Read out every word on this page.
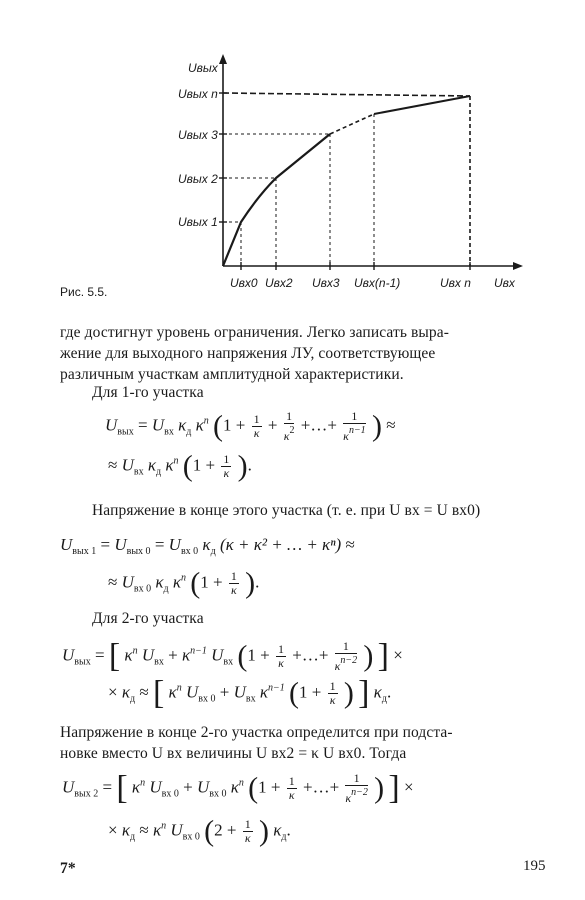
Uвых
Uвых n
Uвых 3
Uвых 2
Uвых 1
Uвх0 Uвх2 Uвх3 Uвх(n-1)	Uвх n Uвх
Рис. 5.5.
где достигнут уровень ограничения. Легко записать выра-
жение для выходного напряжения ЛУ, соответствующее
различным участкам амплитудной характеристики.
Для 1-го участка
$U_{вых} = U_{вх}$ $\kappa_д$ $\kappa^n$ ($1 + \frac{1}{\kappa} + \frac{1}{\kappa^2}$ +…+ $\frac{1}{\kappa^{n-1}}$ ) ≈
≈ $U_{вх}$ $\kappa_д$ $\kappa^n$ ($1 + \frac{1}{\kappa}$ ).
Напряжение в конце этого участка (т. е. при U вх = U вх0)
$U_{вых 1} = U_{вых 0} = U_{вх 0}$ $\kappa_д$ (κ + κ² + … + κⁿ) ≈
≈ $U_{вх 0}$ $\kappa_д$ $\kappa^n$ ($1 + \frac{1}{\kappa}$ ).
Для 2-го участка
$U_{вых}$ = [ $\kappa^n$ $U_{вх} + \kappa^{n-1}$ $U_{вх}$ ($1 + \frac{1}{\kappa}$ +…+ $\frac{1}{\kappa^{n-2}}$ ) ] ×
× $\kappa_д$ ≈ [ $\kappa^n$ $U_{вх 0} + U_{вх}$ $\kappa^{n-1}$ ($1 + \frac{1}{\kappa}$ ) ] $\kappa_д$.
Напряжение в конце 2-го участка определится при подста-
новке вместо U вх величины U вх2 = κ U вх0. Тогда
$U_{вых 2}$ = [ $\kappa^n$ $U_{вх 0} + U_{вх 0}$ $\kappa^n$ ($1 + \frac{1}{\kappa}$ +…+ $\frac{1}{\kappa^{n-2}}$ ) ] ×
× $\kappa_д \approx \kappa^n$ $U_{вх 0}$ ($2 + \frac{1}{\kappa}$ ) $\kappa_д$.
7*	195
